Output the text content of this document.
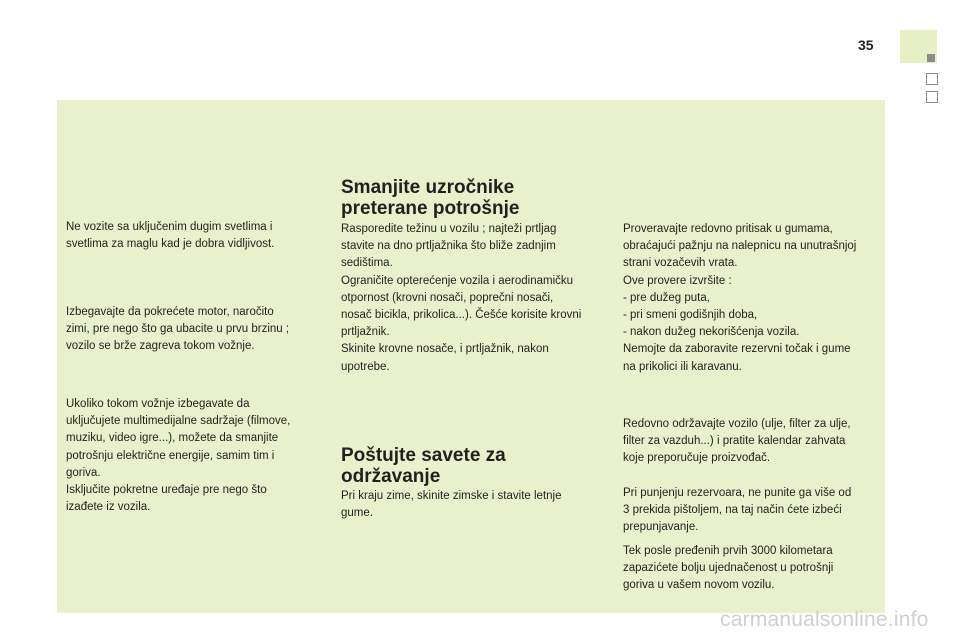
35
Ne vozite sa uključenim dugim svetlima i
svetlima za maglu kad je dobra vidljivost.
Izbegavajte da pokrećete motor, naročito
zimi, pre nego što ga ubacite u prvu brzinu ;
vozilo se brže zagreva tokom vožnje.
Ukoliko tokom vožnje izbegavate da
uključujete multimedijalne sadržaje (filmove,
muziku, video igre...), možete da smanjite
potrošnju električne energije, samim tim i
goriva.
Isključite pokretne uređaje pre nego što
izađete iz vozila.
Smanjite uzročnike
preterane potrošnje
Rasporedite težinu u vozilu ; najteži prtljag
stavite na dno prtljažnika što bliže zadnjim
sedištima.
Ograničite opterećenje vozila i aerodinamičku
otpornost (krovni nosači, poprečni nosači,
nosač bicikla, prikolica...). Češće korisite krovni
prtljažnik.
Skinite krovne nosače, i prtljažnik, nakon
upotrebe.
Poštujte savete za
održavanje
Pri kraju zime, skinite zimske i stavite letnje
gume.
Proveravajte redovno pritisak u gumama,
obraćajući pažnju na nalepnicu na unutrašnjoj
strani vozačevih vrata.
Ove provere izvršite :
- pre dužeg puta,
- pri smeni godišnjih doba,
- nakon dužeg nekorišćenja vozila.
Nemojte da zaboravite rezervni točak i gume
na prikolici ili karavanu.
Redovno održavajte vozilo (ulje, filter za ulje,
filter za vazduh...) i pratite kalendar zahvata
koje preporučuje proizvođač.
Pri punjenju rezervoara, ne punite ga više od
3 prekida pištoljem, na taj način ćete izbeći
prepunjavanje.
Tek posle pređenih prvih 3000 kilometara
zapazićete bolju ujednačenost u potrošnji
goriva u vašem novom vozilu.
carmanualsonline.info
